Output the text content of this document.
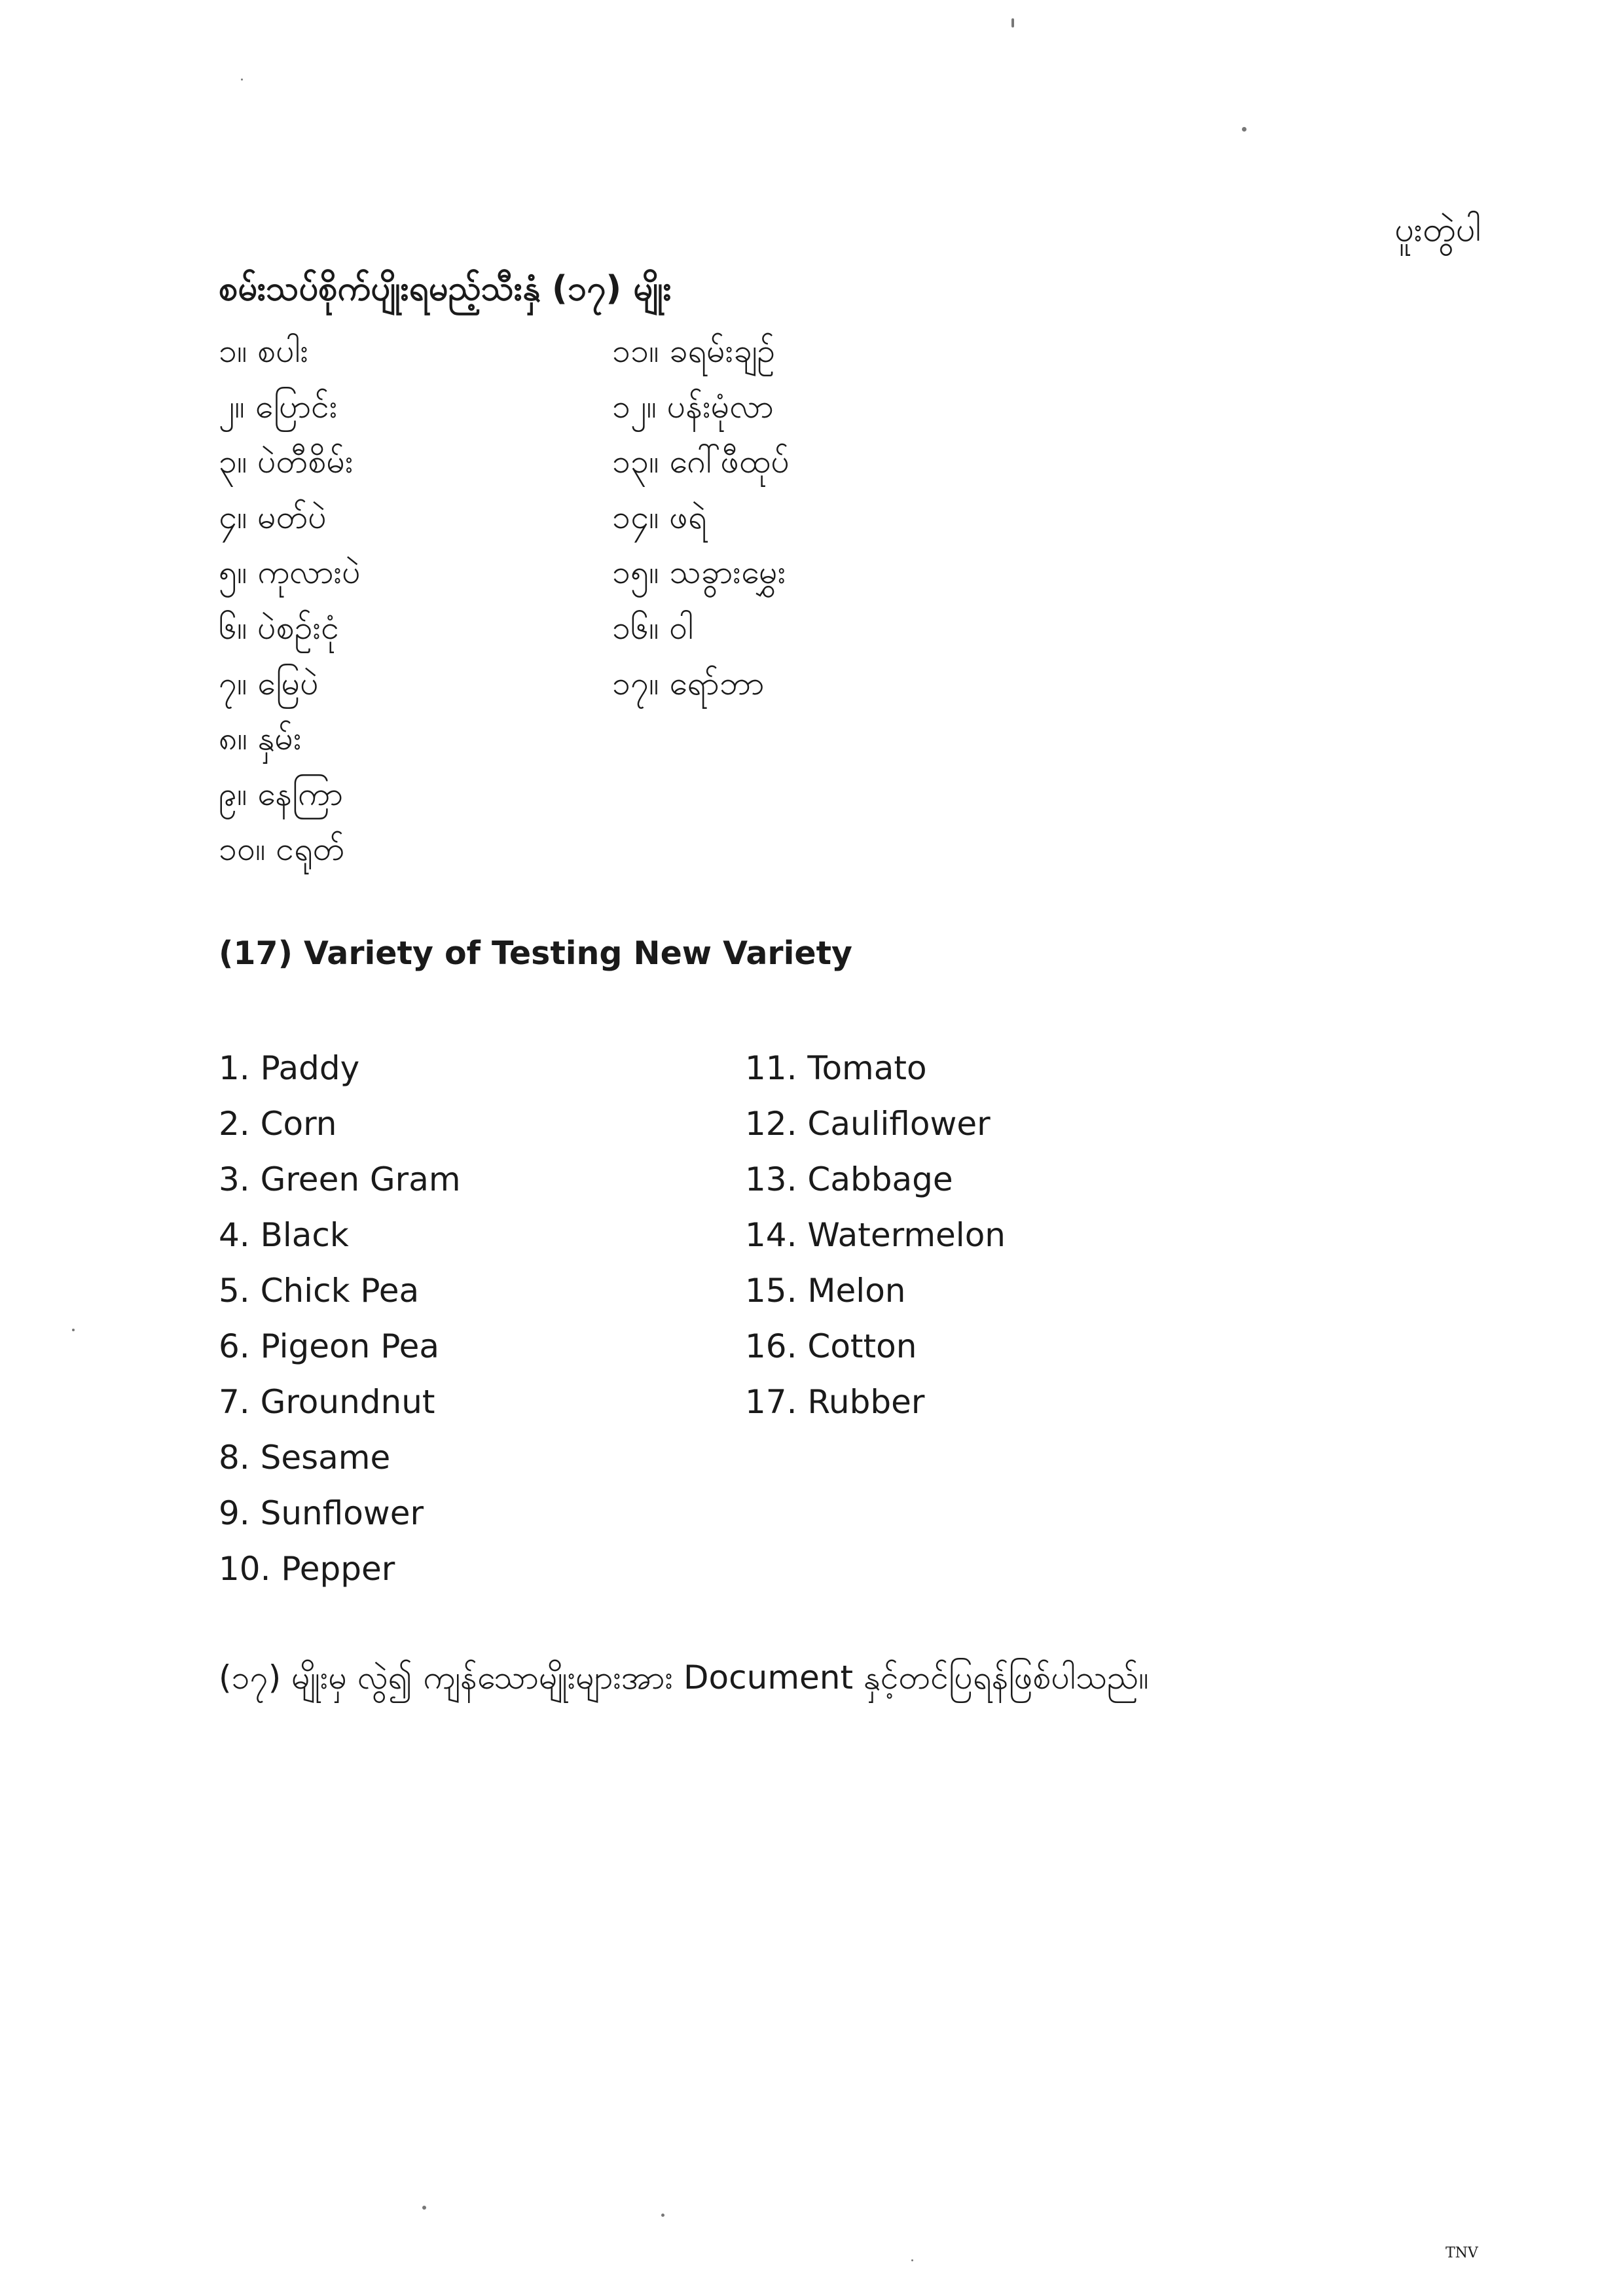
ပူးတွဲပါ
စမ်းသပ်စိုက်ပျိုးရမည့်သီးနှံ (၁၇) မျိုး
၁။ စပါး
၂။ ပြောင်း
၃။ ပဲတီစိမ်း
၄။ မတ်ပဲ
၅။ ကုလားပဲ
၆။ ပဲစဉ်းငုံ
၇။ မြေပဲ
၈။ နှမ်း
၉။ နေကြာ
၁၀။ ငရုတ်
၁၁။ ခရမ်းချဉ်
၁၂။ ပန်းမုံလာ
၁၃။ ဂေါ်ဖီထုပ်
၁၄။ ဖရဲ
၁၅။ သခွားမွှေး
၁၆။ ဝါ
၁၇။ ရော်ဘာ
(17) Variety of Testing New Variety
1. Paddy
2. Corn
3. Green Gram
4. Black
5. Chick Pea
6. Pigeon Pea
7. Groundnut
8. Sesame
9. Sunflower
10. Pepper
11. Tomato
12. Cauliflower
13. Cabbage
14. Watermelon
15. Melon
16. Cotton
17. Rubber
(၁၇) မျိုးမှ လွဲ၍ ကျန်သောမျိုးများအား Document နှင့်တင်ပြရန်ဖြစ်ပါသည်။
TNV
